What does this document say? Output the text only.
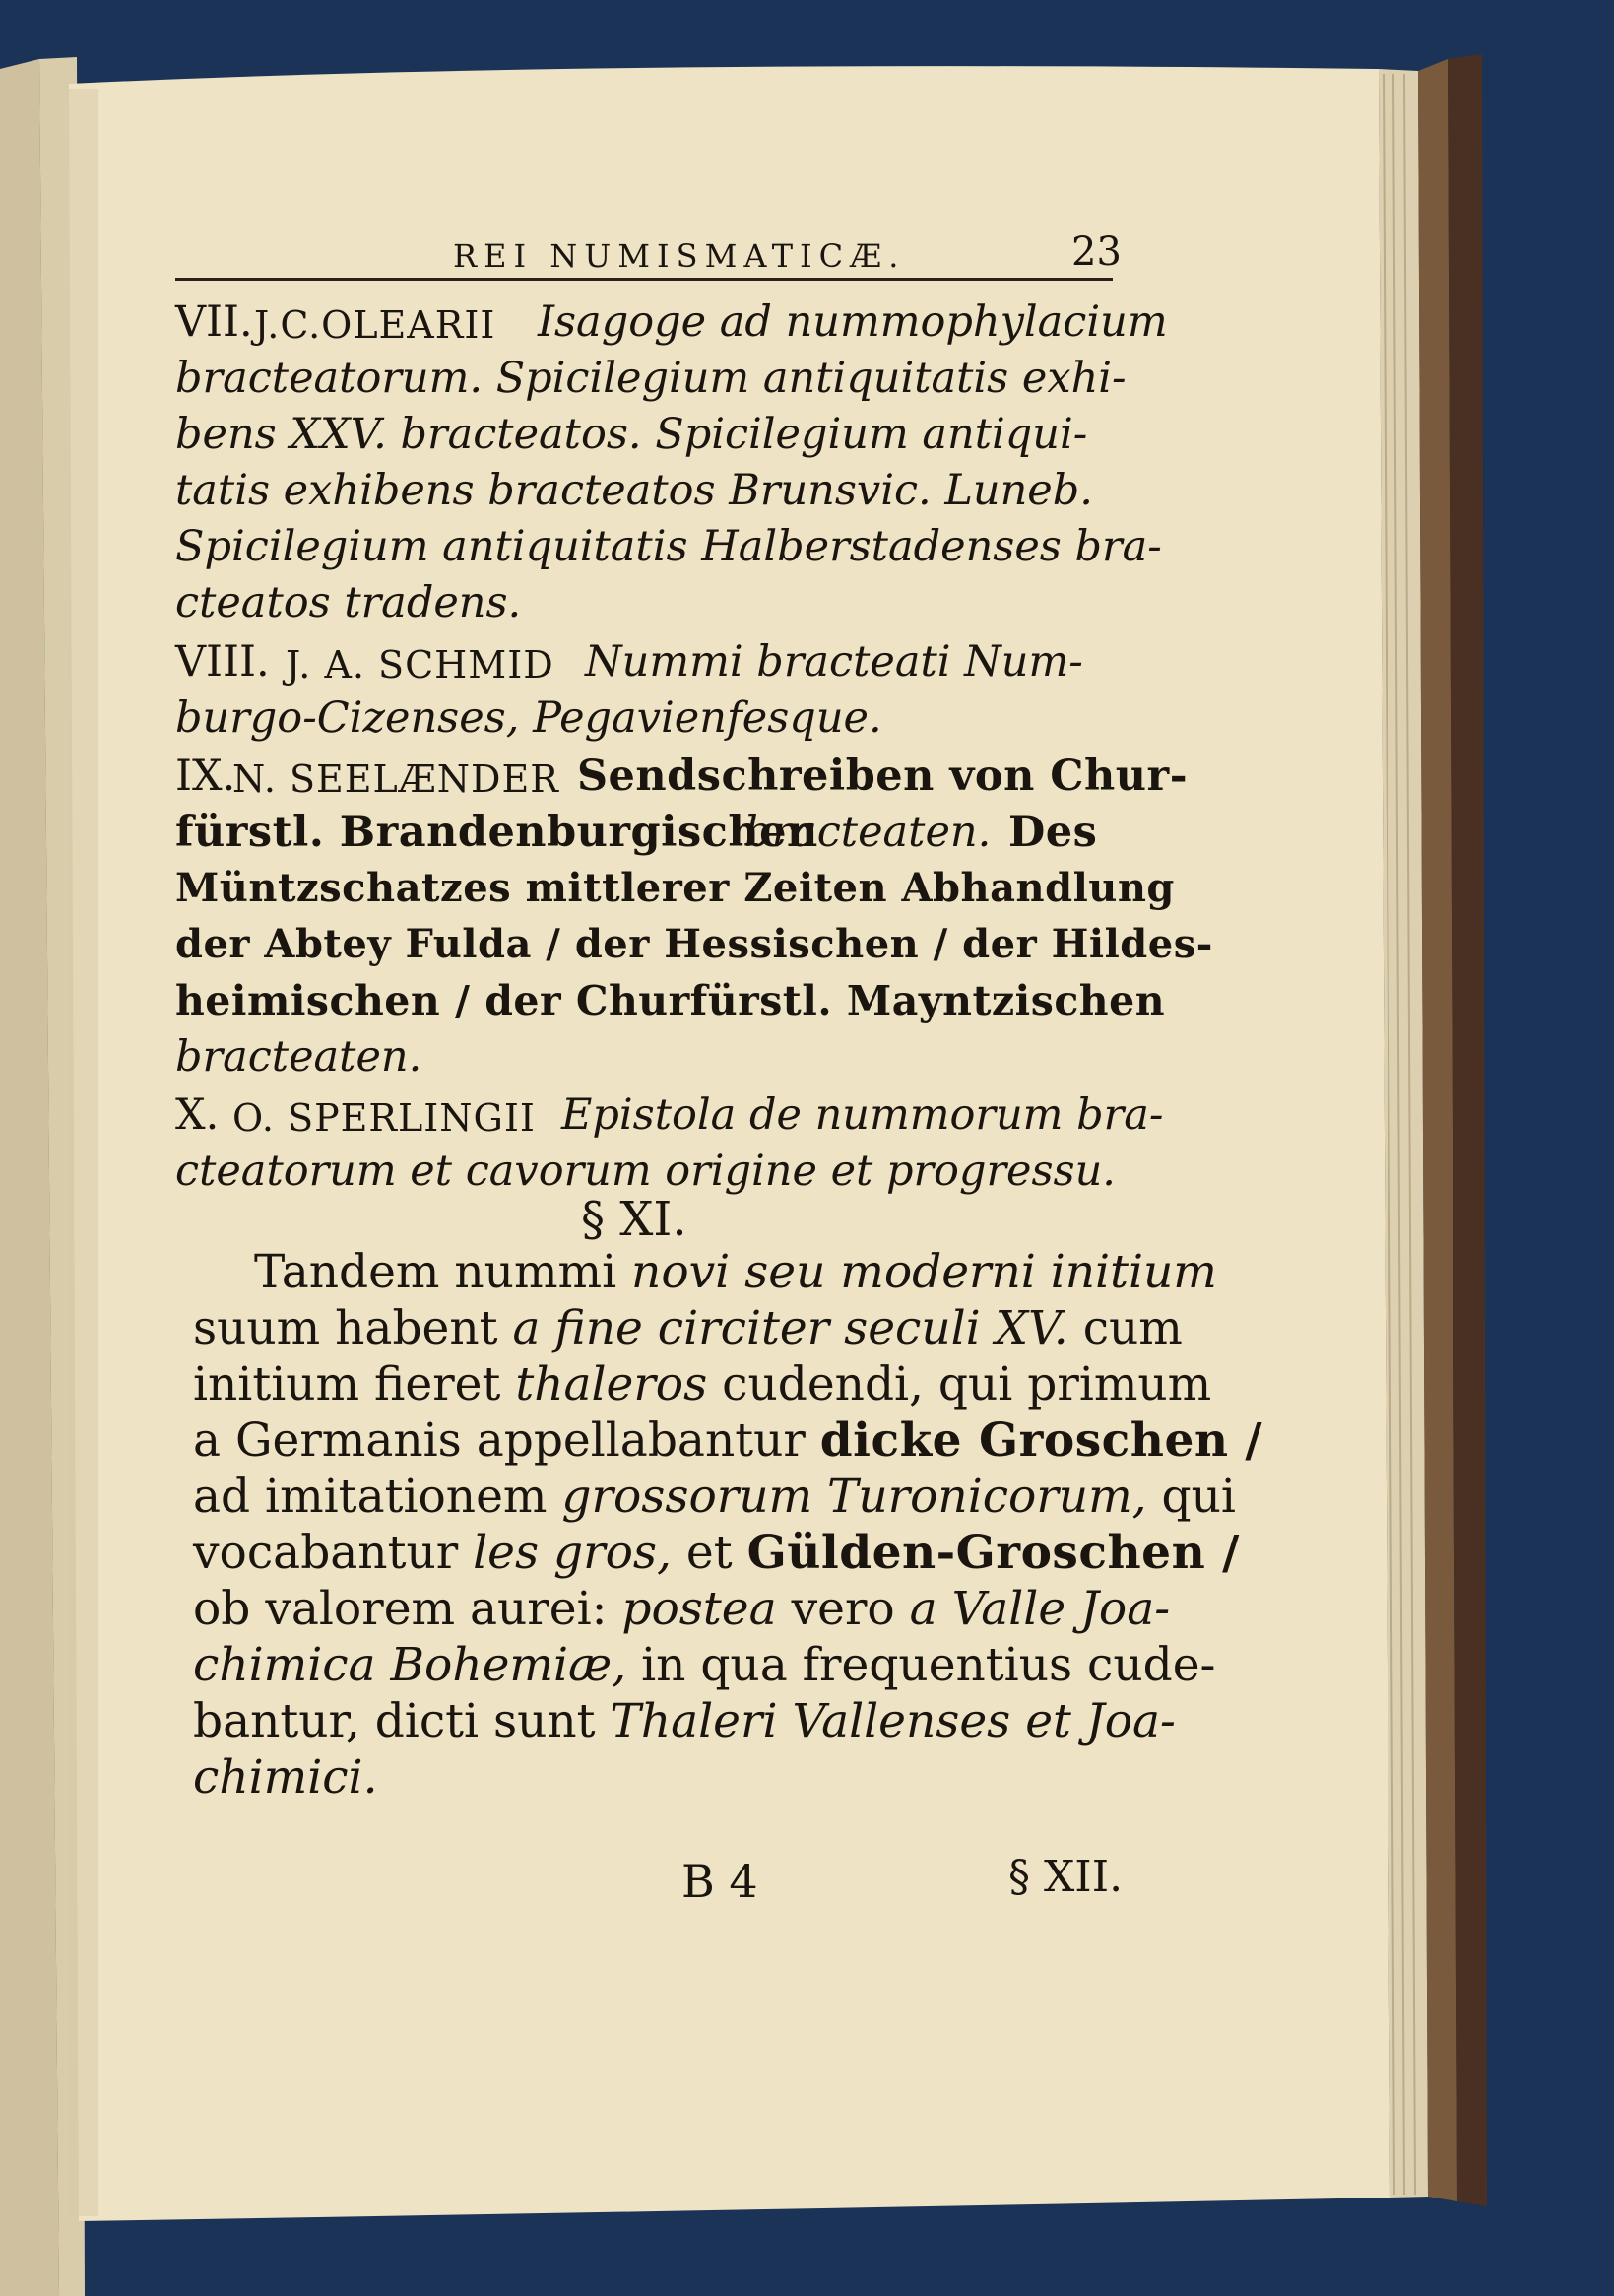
REI NUMISMATICÆ.	23
VII. J.C.OLEARII Isagoge ad nummophylacium
bracteatorum. Spicilegium antiquitatis exhi-
bens XXV. bracteatos. Spicilegium antiqui-
tatis exhibens bracteatos Brunsvic. Luneb.
Spicilegium antiquitatis Halberstadenses bra-
cteatos tradens.
VIII. J. A. SCHMID Nummi bracteati Num-
burgo-Cizenses, Pegavienfesque.
IX.
N. SEELÆNDER Sendschreiben von Chur-
fürstl. Brandenburgischen
bracteaten. Des
Müntzschatzes mittlerer Zeiten Abhandlung
der Abtey Fulda / der Hessischen / der Hildes-
heimischen / der Churfürstl. Mayntzischen
bracteaten.
X. O. SPERLINGII Epistola de nummorum bra-
cteatorum et cavorum origine et progressu.
§ XI.
Tandem nummi novi seu moderni initium
suum habent a fine circiter seculi XV. cum
initium fieret thaleros cudendi, qui primum
a Germanis appellabantur dicke Groschen /
ad imitationem grossorum Turonicorum, qui
vocabantur les gros, et Gülden-Groschen /
ob valorem aurei: postea vero a Valle Joa-
chimica Bohemiæ, in qua frequentius cude-
bantur, dicti sunt Thaleri Vallenses et Joa-
chimici.
B 4	§ XII.
